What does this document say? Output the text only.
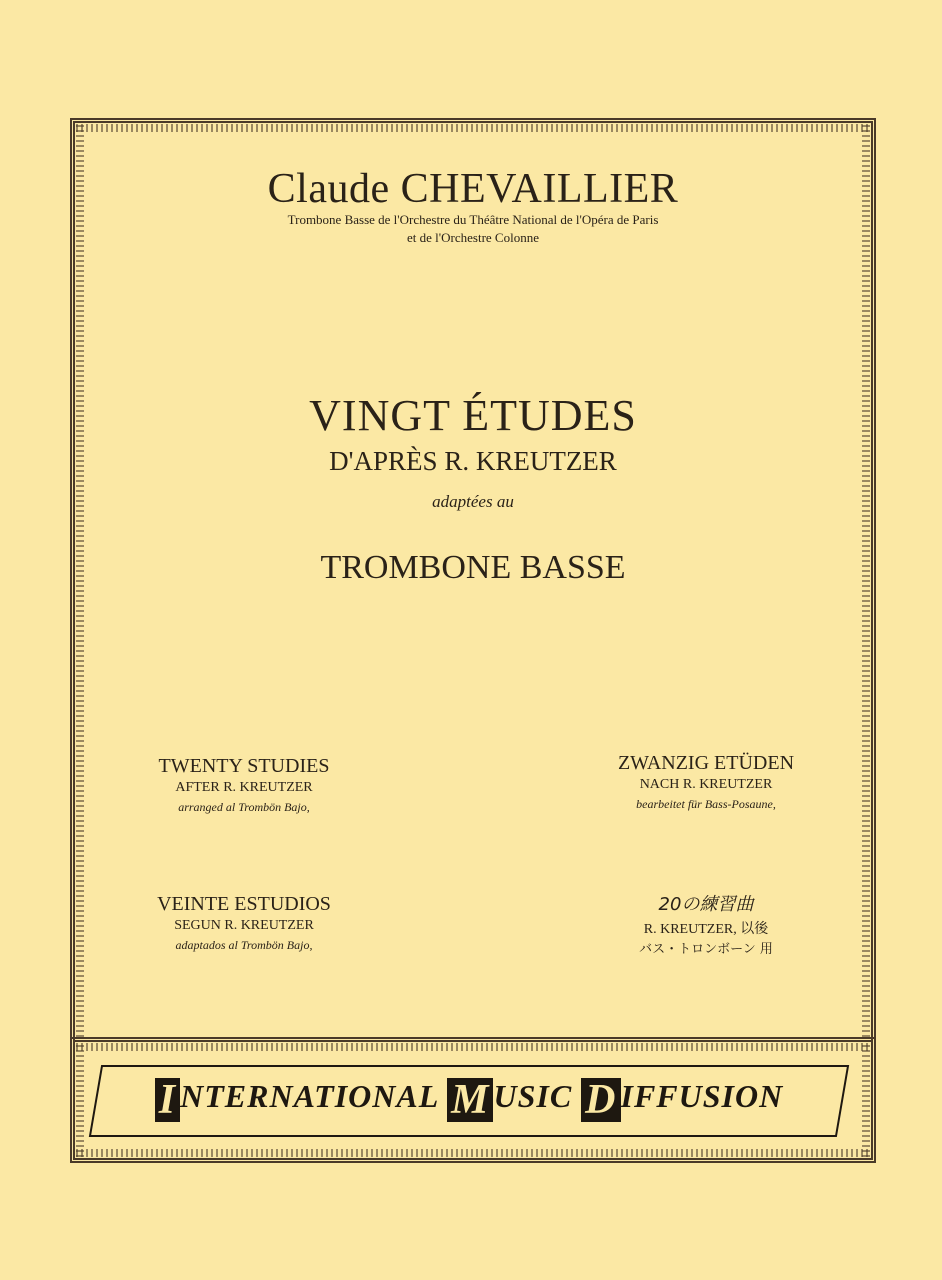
Claude CHEVAILLIER
Trombone Basse de l'Orchestre du Théâtre National de l'Opéra de Paris
et de l'Orchestre Colonne
VINGT ÉTUDES
D'APRÈS R. KREUTZER
adaptées au
TROMBONE BASSE
TWENTY STUDIES
AFTER R. KREUTZER
arranged al Trombön Bajo,
ZWANZIG ETÜDEN
NACH R. KREUTZER
bearbeitet für Bass-Posaune,
VEINTE ESTUDIOS
SEGUN R. KREUTZER
adaptados al Trombön Bajo,
20の練習曲
R. KREUTZER, 以後
バス・トロンボーン 用
I NTERNATIONAL M USIC D IFFUSION
